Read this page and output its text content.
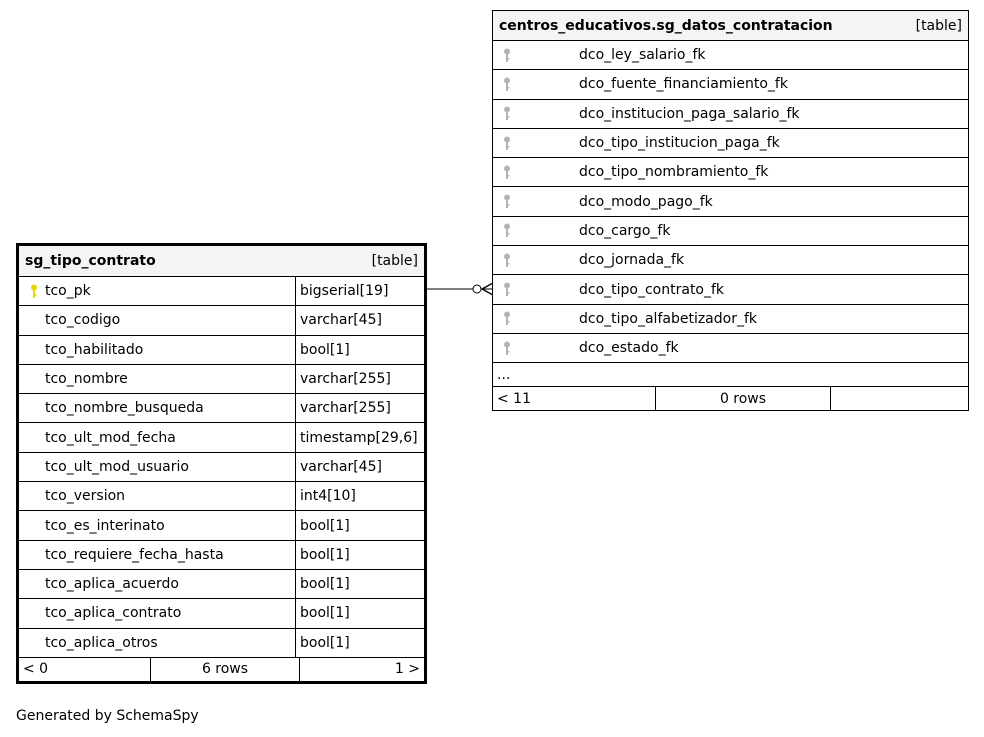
sg_tipo_contrato	[table]
tco_pk	bigserial[19]
tco_codigo	varchar[45]
tco_habilitado	bool[1]
tco_nombre	varchar[255]
tco_nombre_busqueda	varchar[255]
tco_ult_mod_fecha	timestamp[29,6]
tco_ult_mod_usuario	varchar[45]
tco_version	int4[10]
tco_es_interinato	bool[1]
tco_requiere_fecha_hasta	bool[1]
tco_aplica_acuerdo	bool[1]
tco_aplica_contrato	bool[1]
tco_aplica_otros	bool[1]
< 0	6 rows	1 >
centros_educativos.sg_datos_contratacion	[table]
dco_ley_salario_fk
dco_fuente_financiamiento_fk
dco_institucion_paga_salario_fk
dco_tipo_institucion_paga_fk
dco_tipo_nombramiento_fk
dco_modo_pago_fk
dco_cargo_fk
dco_jornada_fk
dco_tipo_contrato_fk
dco_tipo_alfabetizador_fk
dco_estado_fk
...
< 11	0 rows
Generated by SchemaSpy
